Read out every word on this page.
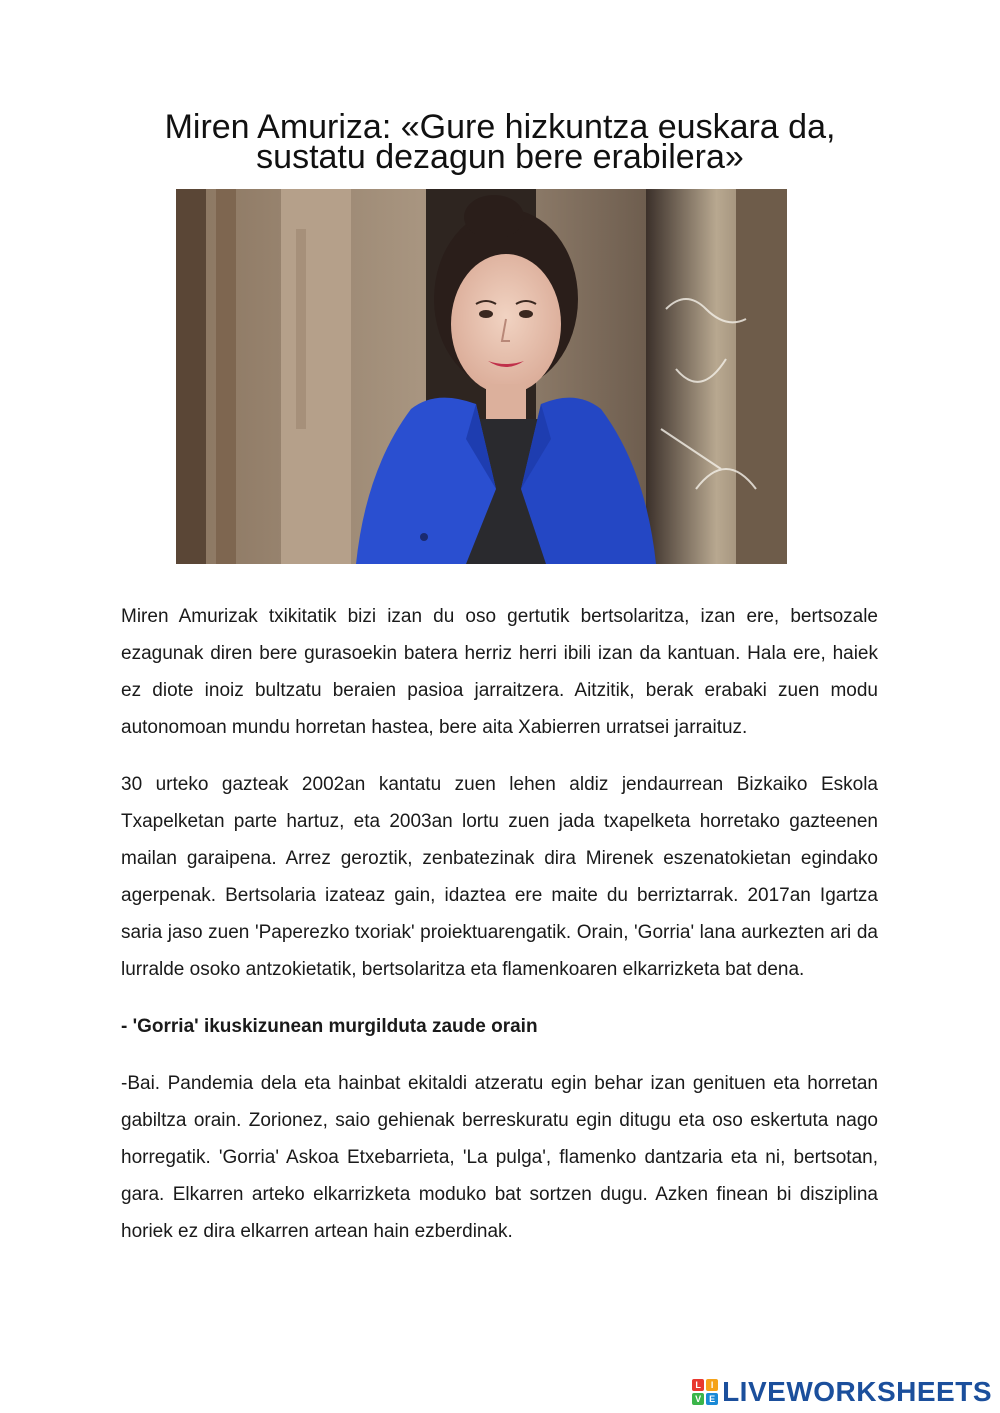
Miren Amuriza: «Gure hizkuntza euskara da,
sustatu dezagun bere erabilera»

Miren Amurizak txikitatik bizi izan du oso gertutik bertsolaritza, izan ere, bertsozale ezagunak diren bere gurasoekin batera herriz herri ibili izan da kantuan. Hala ere, haiek ez diote inoiz bultzatu beraien pasioa jarraitzera. Aitzitik, berak erabaki zuen modu autonomoan mundu horretan hastea, bere aita Xabierren urratsei jarraituz.

30 urteko gazteak 2002an kantatu zuen lehen aldiz jendaurrean Bizkaiko Eskola Txapelketan parte hartuz, eta 2003an lortu zuen jada txapelketa horretako gazteenen mailan garaipena. Arrez geroztik, zenbatezinak dira Mirenek eszenatokietan egindako agerpenak. Bertsolaria izateaz gain, idaztea ere maite du berriztarrak. 2017an Igartza saria jaso zuen 'Paperezko txoriak' proiektuarengatik. Orain, 'Gorria' lana aurkezten ari da lurralde osoko antzokietatik, bertsolaritza eta flamenkoaren elkarrizketa bat dena.

- 'Gorria' ikuskizunean murgilduta zaude orain

-Bai. Pandemia dela eta hainbat ekitaldi atzeratu egin behar izan genituen eta horretan gabiltza orain. Zorionez, saio gehienak berreskuratu egin ditugu eta oso eskertuta nago horregatik. 'Gorria' Askoa Etxebarrieta, 'La pulga', flamenko dantzaria eta ni, bertsotan, gara. Elkarren arteko elkarrizketa moduko bat sortzen dugu. Azken finean bi disziplina horiek ez dira elkarren artean hain ezberdinak.

L	I
V E LIVEWORKSHEETS
